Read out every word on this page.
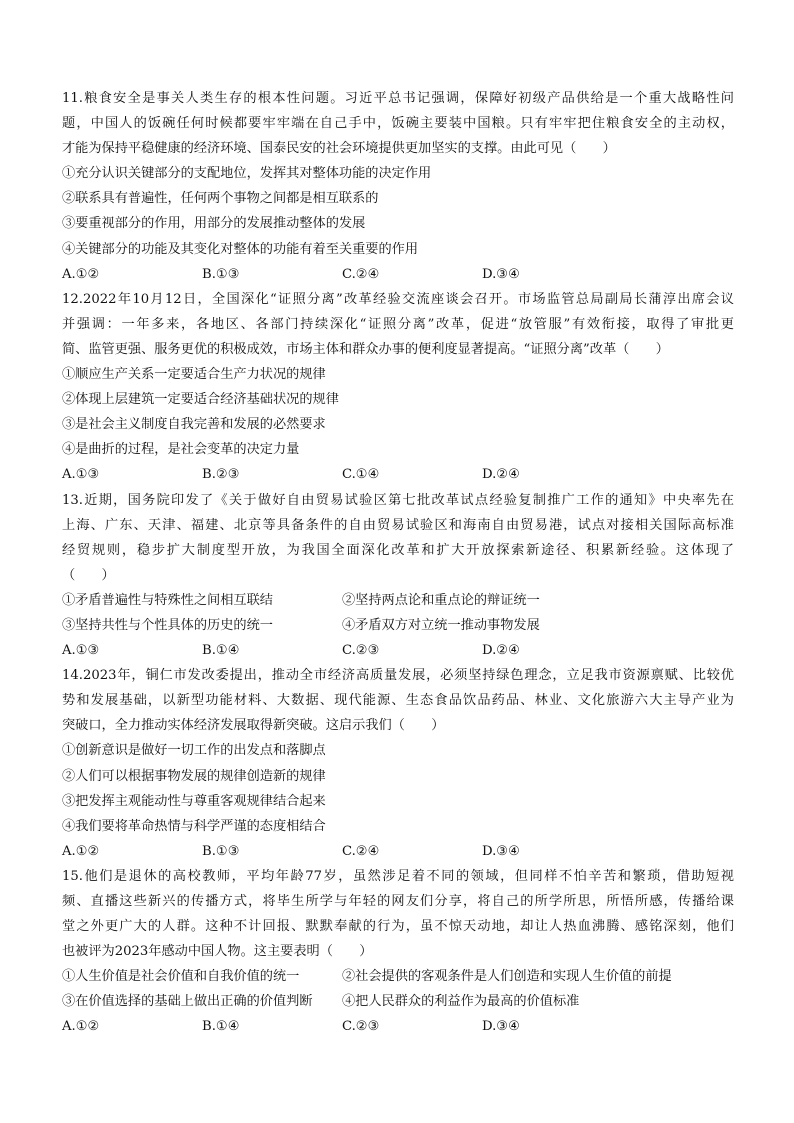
11.粮食安全是事关人类生存的根本性问题。习近平总书记强调，保障好初级产品供给是一个重大战略性问
题，中国人的饭碗任何时候都要牢牢端在自己手中，饭碗主要装中国粮。只有牢牢把住粮食安全的主动权，
才能为保持平稳健康的经济环境、国泰民安的社会环境提供更加坚实的支撑。由此可见（　　）
①充分认识关键部分的支配地位，发挥其对整体功能的决定作用
②联系具有普遍性，任何两个事物之间都是相互联系的
③要重视部分的作用，用部分的发展推动整体的发展
④关键部分的功能及其变化对整体的功能有着至关重要的作用
A.①②	B.①③	C.②④	D.③④
12.2022年10月12日，全国深化“证照分离”改革经验交流座谈会召开。市场监管总局副局长蒲淳出席会议
并强调：一年多来，各地区、各部门持续深化“证照分离”改革，促进“放管服”有效衔接，取得了审批更
简、监管更强、服务更优的积极成效，市场主体和群众办事的便利度显著提高。“证照分离”改革（　　）
①顺应生产关系一定要适合生产力状况的规律
②体现上层建筑一定要适合经济基础状况的规律
③是社会主义制度自我完善和发展的必然要求
④是曲折的过程，是社会变革的决定力量
A.①③	B.②③	C.①④	D.②④
13.近期，国务院印发了《关于做好自由贸易试验区第七批改革试点经验复制推广工作的通知》中央率先在
上海、广东、天津、福建、北京等具备条件的自由贸易试验区和海南自由贸易港，试点对接相关国际高标准
经贸规则，稳步扩大制度型开放，为我国全面深化改革和扩大开放探索新途径、积累新经验。这体现了
（　　）
①矛盾普遍性与特殊性之间相互联结	②坚持两点论和重点论的辩证统一
③坚持共性与个性具体的历史的统一	④矛盾双方对立统一推动事物发展
A.①③	B.①④	C.②③	D.②④
14.2023年，铜仁市发改委提出，推动全市经济高质量发展，必须坚持绿色理念，立足我市资源禀赋、比较优
势和发展基础，以新型功能材料、大数据、现代能源、生态食品饮品药品、林业、文化旅游六大主导产业为
突破口，全力推动实体经济发展取得新突破。这启示我们（　　）
①创新意识是做好一切工作的出发点和落脚点
②人们可以根据事物发展的规律创造新的规律
③把发挥主观能动性与尊重客观规律结合起来
④我们要将革命热情与科学严谨的态度相结合
A.①②	B.①③	C.②④	D.③④
15.他们是退休的高校教师，平均年龄77岁，虽然涉足着不同的领域，但同样不怕辛苦和繁琐，借助短视
频、直播这些新兴的传播方式，将毕生所学与年轻的网友们分享，将自己的所学所思，所悟所感，传播给课
堂之外更广大的人群。这种不计回报、默默奉献的行为，虽不惊天动地，却让人热血沸腾、感铭深刻，他们
也被评为2023年感动中国人物。这主要表明（　　）
①人生价值是社会价值和自我价值的统一	②社会提供的客观条件是人们创造和实现人生价值的前提
③在价值选择的基础上做出正确的价值判断	④把人民群众的利益作为最高的价值标准
A.①②	B.①④	C.②③	D.③④
